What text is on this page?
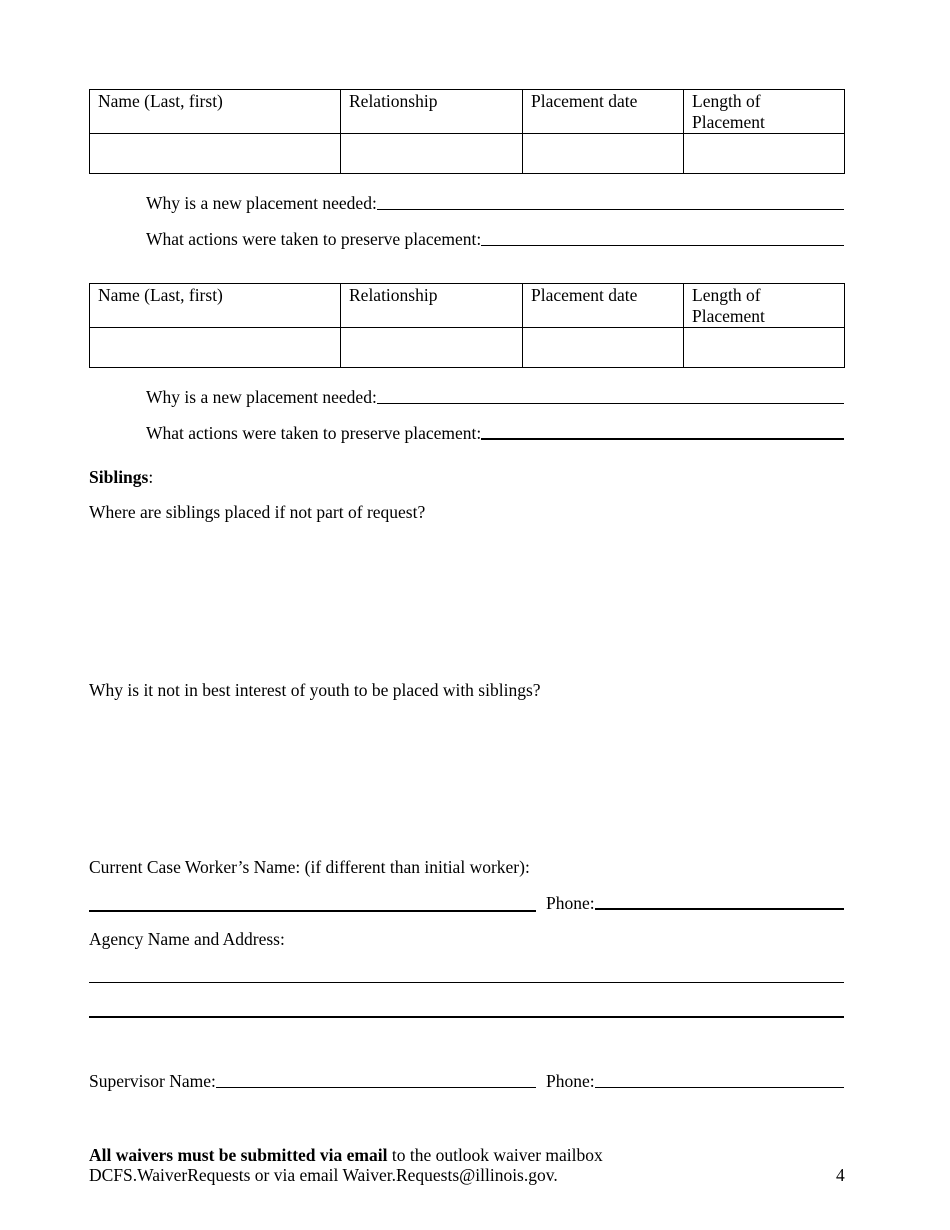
Name (Last, first)	Relationship	Placement date	Length of Placement

Why is a new placement needed:
What actions were taken to preserve placement:
Name (Last, first)	Relationship	Placement date	Length of Placement

Why is a new placement needed:
What actions were taken to preserve placement:
Siblings:
Where are siblings placed if not part of request?
Why is it not in best interest of youth to be placed with siblings?
Current Case Worker’s Name: (if different than initial worker):
Phone:
Agency Name and Address:
Supervisor Name:	Phone:
All waivers must be submitted via email to the outlook waiver mailbox
DCFS.WaiverRequests or via email Waiver.Requests@illinois.gov.	4
